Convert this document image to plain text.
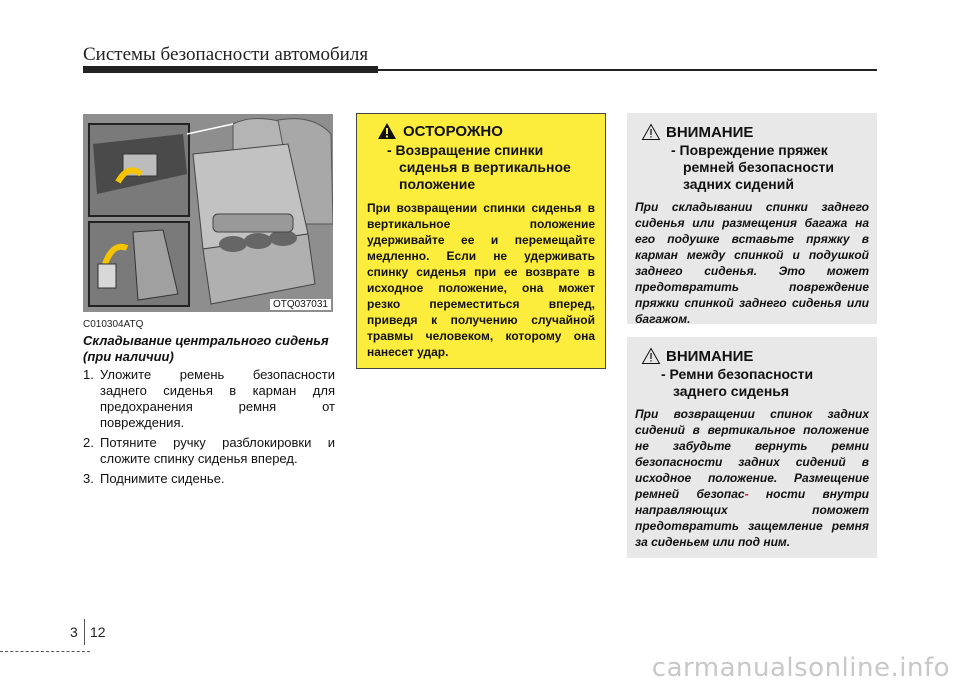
Системы безопасности автомобиля
OTQ037031
C010304ATQ
Складывание центрального сиденья (при наличии)
1. Уложите ремень безопасности заднего сиденья в карман для предохранения ремня от повреждения.
2. Потяните ручку разблокировки и сложите спинку сиденья вперед.
3. Поднимите сиденье.
ОСТОРОЖНО
- Возвращение спинки сиденья в вертикальное положение
При возвращении спинки сиденья в вертикальное положение удерживайте ее и перемещайте медленно. Если не удерживать спинку сиденья при ее возврате в исходное положение, она может резко переместиться вперед, приведя к получению случайной травмы человеком, которому она нанесет удар.
ВНИМАНИЕ
- Повреждение пряжек ремней безопасности задних сидений
При складывании спинки заднего сиденья или размещения багажа на его подушке вставьте пряжку в карман между спинкой и подушкой заднего сиденья. Это может предотвратить повреждение пряжки спинкой заднего сиденья или багажом.
ВНИМАНИЕ
- Ремни безопасности заднего сиденья
При возвращении спинок задних сидений в вертикальное положение не забудьте вернуть ремни безопасности задних сидений в исходное положение. Размещение ремней безопас- ности внутри направляющих поможет предотвратить защемление ремня за сиденьем или под ним.
3 12
carmanualsonline.info
